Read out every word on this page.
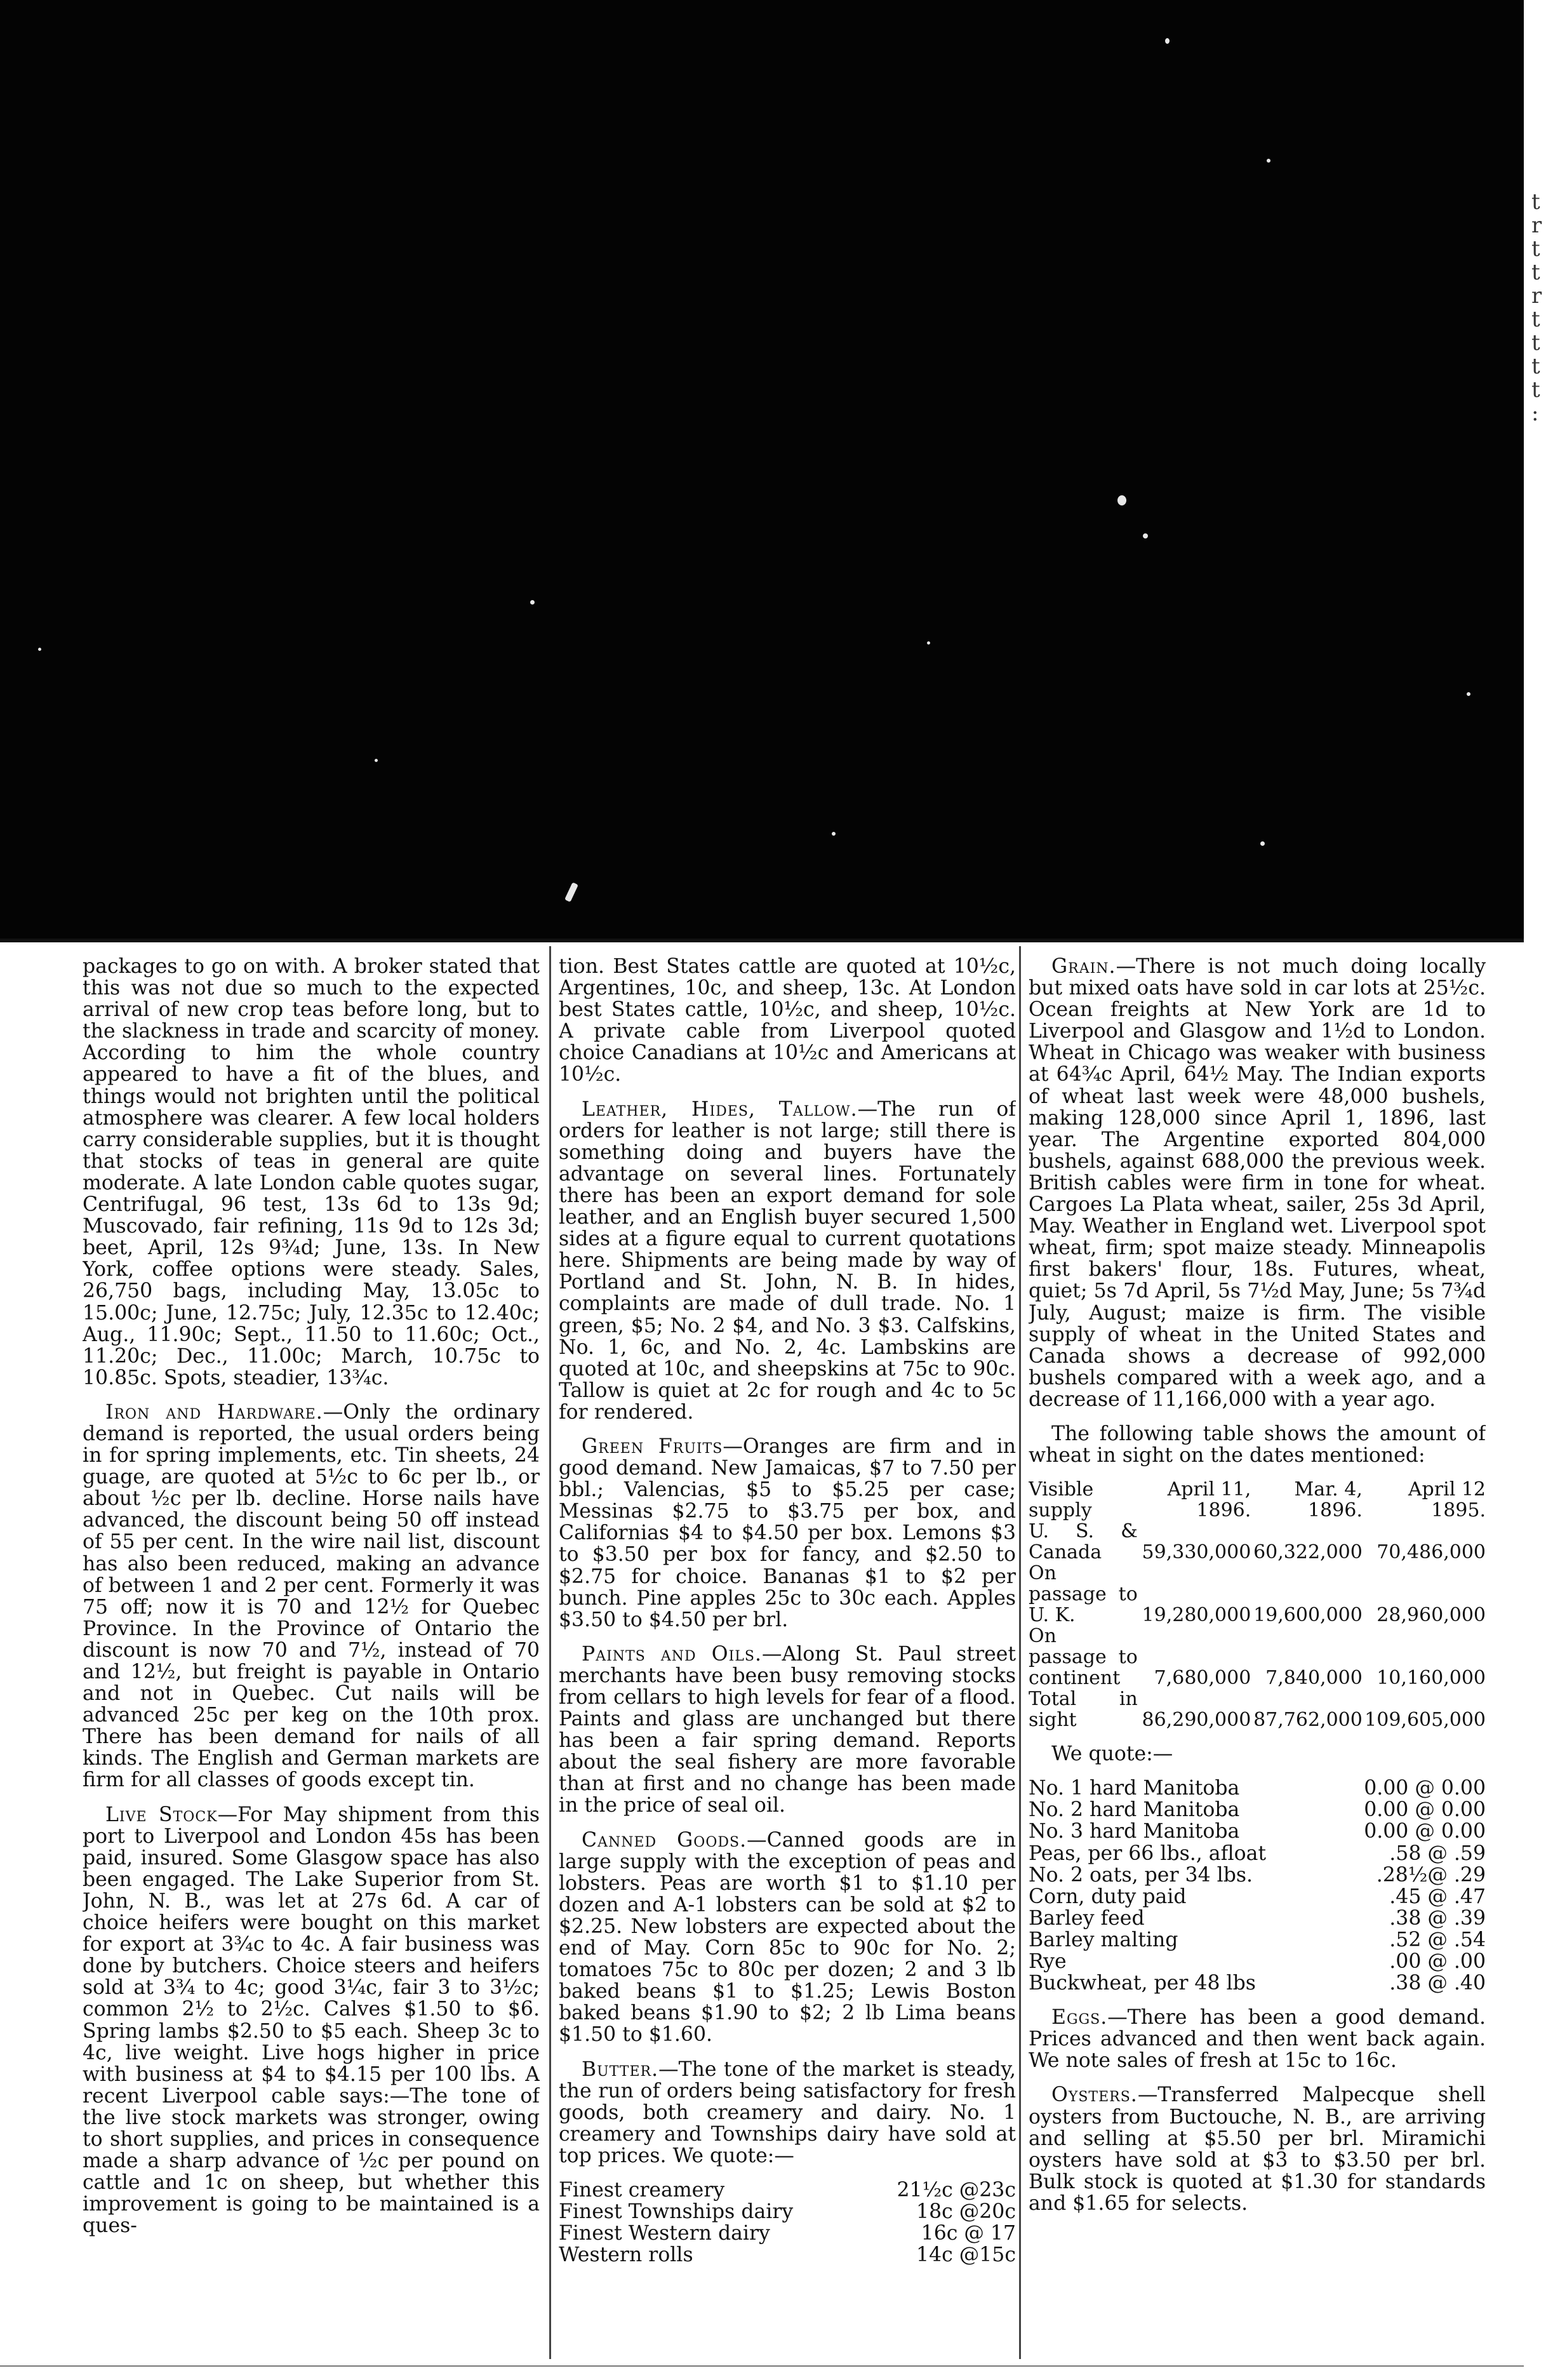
t
r
t
t
r
t
t
t
t
:

packages to go on with. A broker stated that this was not due so much to the expected arrival of new crop teas before long, but to the slackness in trade and scarcity of money. According to him the whole country appeared to have a fit of the blues, and things would not brighten until the political atmosphere was clearer. A few local holders carry considerable supplies, but it is thought that stocks of teas in general are quite moderate. A late London cable quotes sugar, Centrifugal, 96 test, 13s 6d to 13s 9d; Muscovado, fair refining, 11s 9d to 12s 3d; beet, April, 12s 9¾d; June, 13s. In New York, coffee options were steady. Sales, 26,750 bags, including May, 13.05c to 15.00c; June, 12.75c; July, 12.35c to 12.40c; Aug., 11.90c; Sept., 11.50 to 11.60c; Oct., 11.20c; Dec., 11.00c; March, 10.75c to 10.85c. Spots, steadier, 13¾c.

Iron and Hardware.—Only the ordinary demand is reported, the usual orders being in for spring implements, etc. Tin sheets, 24 guage, are quoted at 5½c to 6c per lb., or about ½c per lb. decline. Horse nails have advanced, the discount being 50 off instead of 55 per cent. In the wire nail list, discount has also been reduced, making an advance of between 1 and 2 per cent. Formerly it was 75 off; now it is 70 and 12½ for Quebec Province. In the Province of Ontario the discount is now 70 and 7½, instead of 70 and 12½, but freight is payable in Ontario and not in Quebec. Cut nails will be advanced 25c per keg on the 10th prox. There has been demand for nails of all kinds. The English and German markets are firm for all classes of goods except tin.

Live Stock—For May shipment from this port to Liverpool and London 45s has been paid, insured. Some Glasgow space has also been engaged. The Lake Superior from St. John, N. B., was let at 27s 6d. A car of choice heifers were bought on this market for export at 3¾c to 4c. A fair business was done by butchers. Choice steers and heifers sold at 3¾ to 4c; good 3¼c, fair 3 to 3½c; common 2½ to 2½c. Calves $1.50 to $6. Spring lambs $2.50 to $5 each. Sheep 3c to 4c, live weight. Live hogs higher in price with business at $4 to $4.15 per 100 lbs. A recent Liverpool cable says:—The tone of the live stock markets was stronger, owing to short supplies, and prices in consequence made a sharp advance of ½c per pound on cattle and 1c on sheep, but whether this improvement is going to be maintained is a ques-

tion. Best States cattle are quoted at 10½c, Argentines, 10c, and sheep, 13c. At London best States cattle, 10½c, and sheep, 10½c. A private cable from Liverpool quoted choice Canadians at 10½c and Americans at 10½c.

Leather, Hides, Tallow.—The run of orders for leather is not large; still there is something doing and buyers have the advantage on several lines. Fortunately there has been an export demand for sole leather, and an English buyer secured 1,500 sides at a figure equal to current quotations here. Shipments are being made by way of Portland and St. John, N. B. In hides, complaints are made of dull trade. No. 1 green, $5; No. 2 $4, and No. 3 $3. Calfskins, No. 1, 6c, and No. 2, 4c. Lambskins are quoted at 10c, and sheepskins at 75c to 90c. Tallow is quiet at 2c for rough and 4c to 5c for rendered.

Green Fruits—Oranges are firm and in good demand. New Jamaicas, $7 to 7.50 per bbl.; Valencias, $5 to $5.25 per case; Messinas $2.75 to $3.75 per box, and Californias $4 to $4.50 per box. Lemons $3 to $3.50 per box for fancy, and $2.50 to $2.75 for choice. Bananas $1 to $2 per bunch. Pine apples 25c to 30c each. Apples $3.50 to $4.50 per brl.

Paints and Oils.—Along St. Paul street merchants have been busy removing stocks from cellars to high levels for fear of a flood. Paints and glass are unchanged but there has been a fair spring demand. Reports about the seal fishery are more favorable than at first and no change has been made in the price of seal oil.

Canned Goods.—Canned goods are in large supply with the exception of peas and lobsters. Peas are worth $1 to $1.10 per dozen and A-1 lobsters can be sold at $2 to $2.25. New lobsters are expected about the end of May. Corn 85c to 90c for No. 2; tomatoes 75c to 80c per dozen; 2 and 3 lb baked beans $1 to $1.25; Lewis Boston baked beans $1.90 to $2; 2 lb Lima beans $1.50 to $1.60.

Butter.—The tone of the market is steady, the run of orders being satisfactory for fresh goods, both creamery and dairy. No. 1 creamery and Townships dairy have sold at top prices. We quote:—

Finest creamery	21½c @23c
Finest Townships dairy	18c @20c
Finest Western dairy	16c @ 17
Western rolls	14c @15c

Grain.—There is not much doing locally but mixed oats have sold in car lots at 25½c. Ocean freights at New York are 1d to Liverpool and Glasgow and 1½d to London. Wheat in Chicago was weaker with business at 64¾c April, 64½ May. The Indian exports of wheat last week were 48,000 bushels, making 128,000 since April 1, 1896, last year. The Argentine exported 804,000 bushels, against 688,000 the previous week. British cables were firm in tone for wheat. Cargoes La Plata wheat, sailer, 25s 3d April, May. Weather in England wet. Liverpool spot wheat, firm; spot maize steady. Minneapolis first bakers' flour, 18s. Futures, wheat, quiet; 5s 7d April, 5s 7½d May, June; 5s 7¾d July, August; maize is firm. The visible supply of wheat in the United States and Canada shows a decrease of 992,000 bushels compared with a week ago, and a decrease of 11,166,000 with a year ago.

The following table shows the amount of wheat in sight on the dates mentioned:

Visible supply	April 11, 1896.	Mar. 4, 1896.	April 12 1895.
U. S. & Canada	59,330,000	60,322,000	70,486,000
On passage to U. K.	19,280,000	19,600,000	28,960,000
On passage to continent	7,680,000	7,840,000	10,160,000
Total in sight	86,290,000	87,762,000	109,605,000

We quote:—

No. 1 hard Manitoba	0.00 @ 0.00
No. 2 hard Manitoba	0.00 @ 0.00
No. 3 hard Manitoba	0.00 @ 0.00
Peas, per 66 lbs., afloat	.58 @ .59
No. 2 oats, per 34 lbs.	.28½@ .29
Corn, duty paid	.45 @ .47
Barley feed	.38 @ .39
Barley malting	.52 @ .54
Rye	.00 @ .00
Buckwheat, per 48 lbs	.38 @ .40

Eggs.—There has been a good demand. Prices advanced and then went back again. We note sales of fresh at 15c to 16c.

Oysters.—Transferred Malpecque shell oysters from Buctouche, N. B., are arriving and selling at $5.50 per brl. Miramichi oysters have sold at $3 to $3.50 per brl. Bulk stock is quoted at $1.30 for standards and $1.65 for selects.
